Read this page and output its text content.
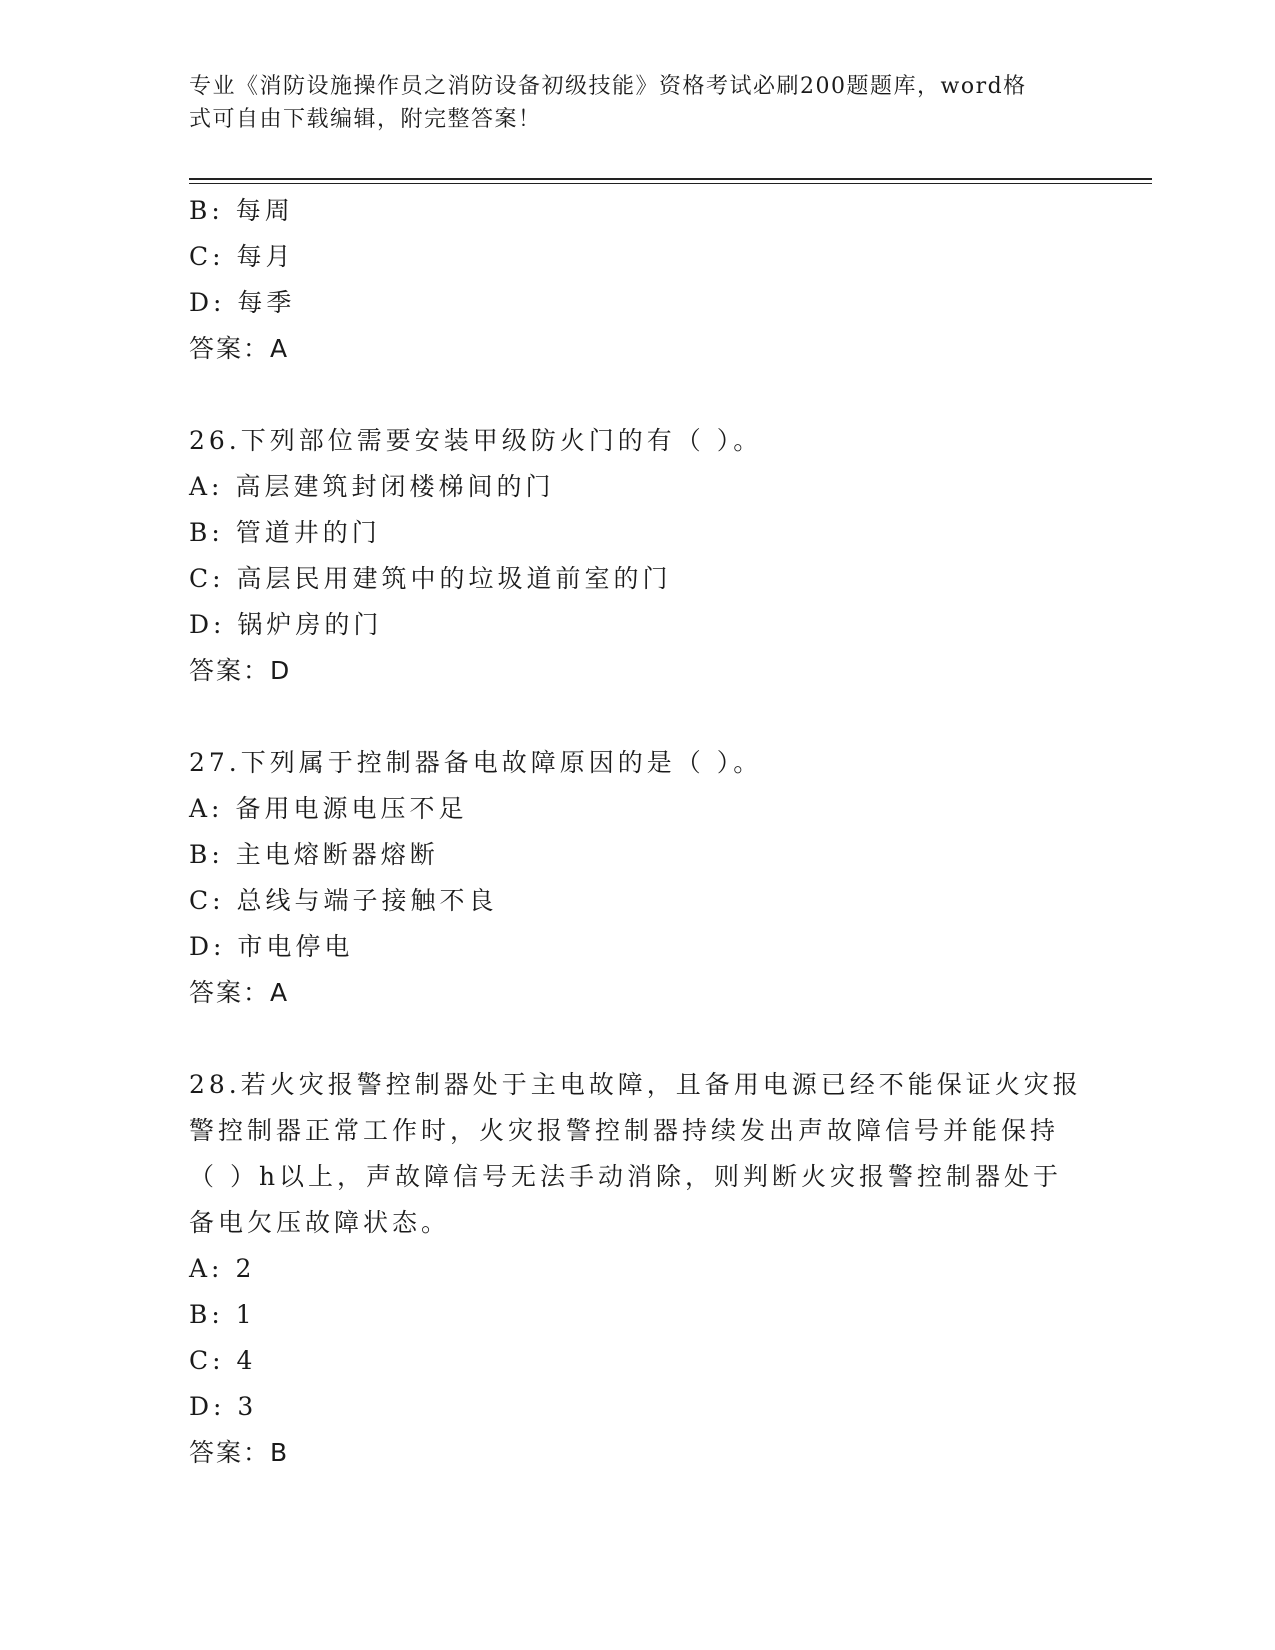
专业《消防设施操作员之消防设备初级技能》资格考试必刷200题题库，word格
式可自由下载编辑，附完整答案！
B: 每周
C: 每月
D: 每季
答案：A
26.下列部位需要安装甲级防火门的有（ ）。
A: 高层建筑封闭楼梯间的门
B: 管道井的门
C: 高层民用建筑中的垃圾道前室的门
D: 锅炉房的门
答案：D
27.下列属于控制器备电故障原因的是（ ）。
A: 备用电源电压不足
B: 主电熔断器熔断
C: 总线与端子接触不良
D: 市电停电
答案：A
28.若火灾报警控制器处于主电故障，且备用电源已经不能保证火灾报
警控制器正常工作时，火灾报警控制器持续发出声故障信号并能保持
（ ）h以上，声故障信号无法手动消除，则判断火灾报警控制器处于
备电欠压故障状态。
A: 2
B: 1
C: 4
D: 3
答案：B
